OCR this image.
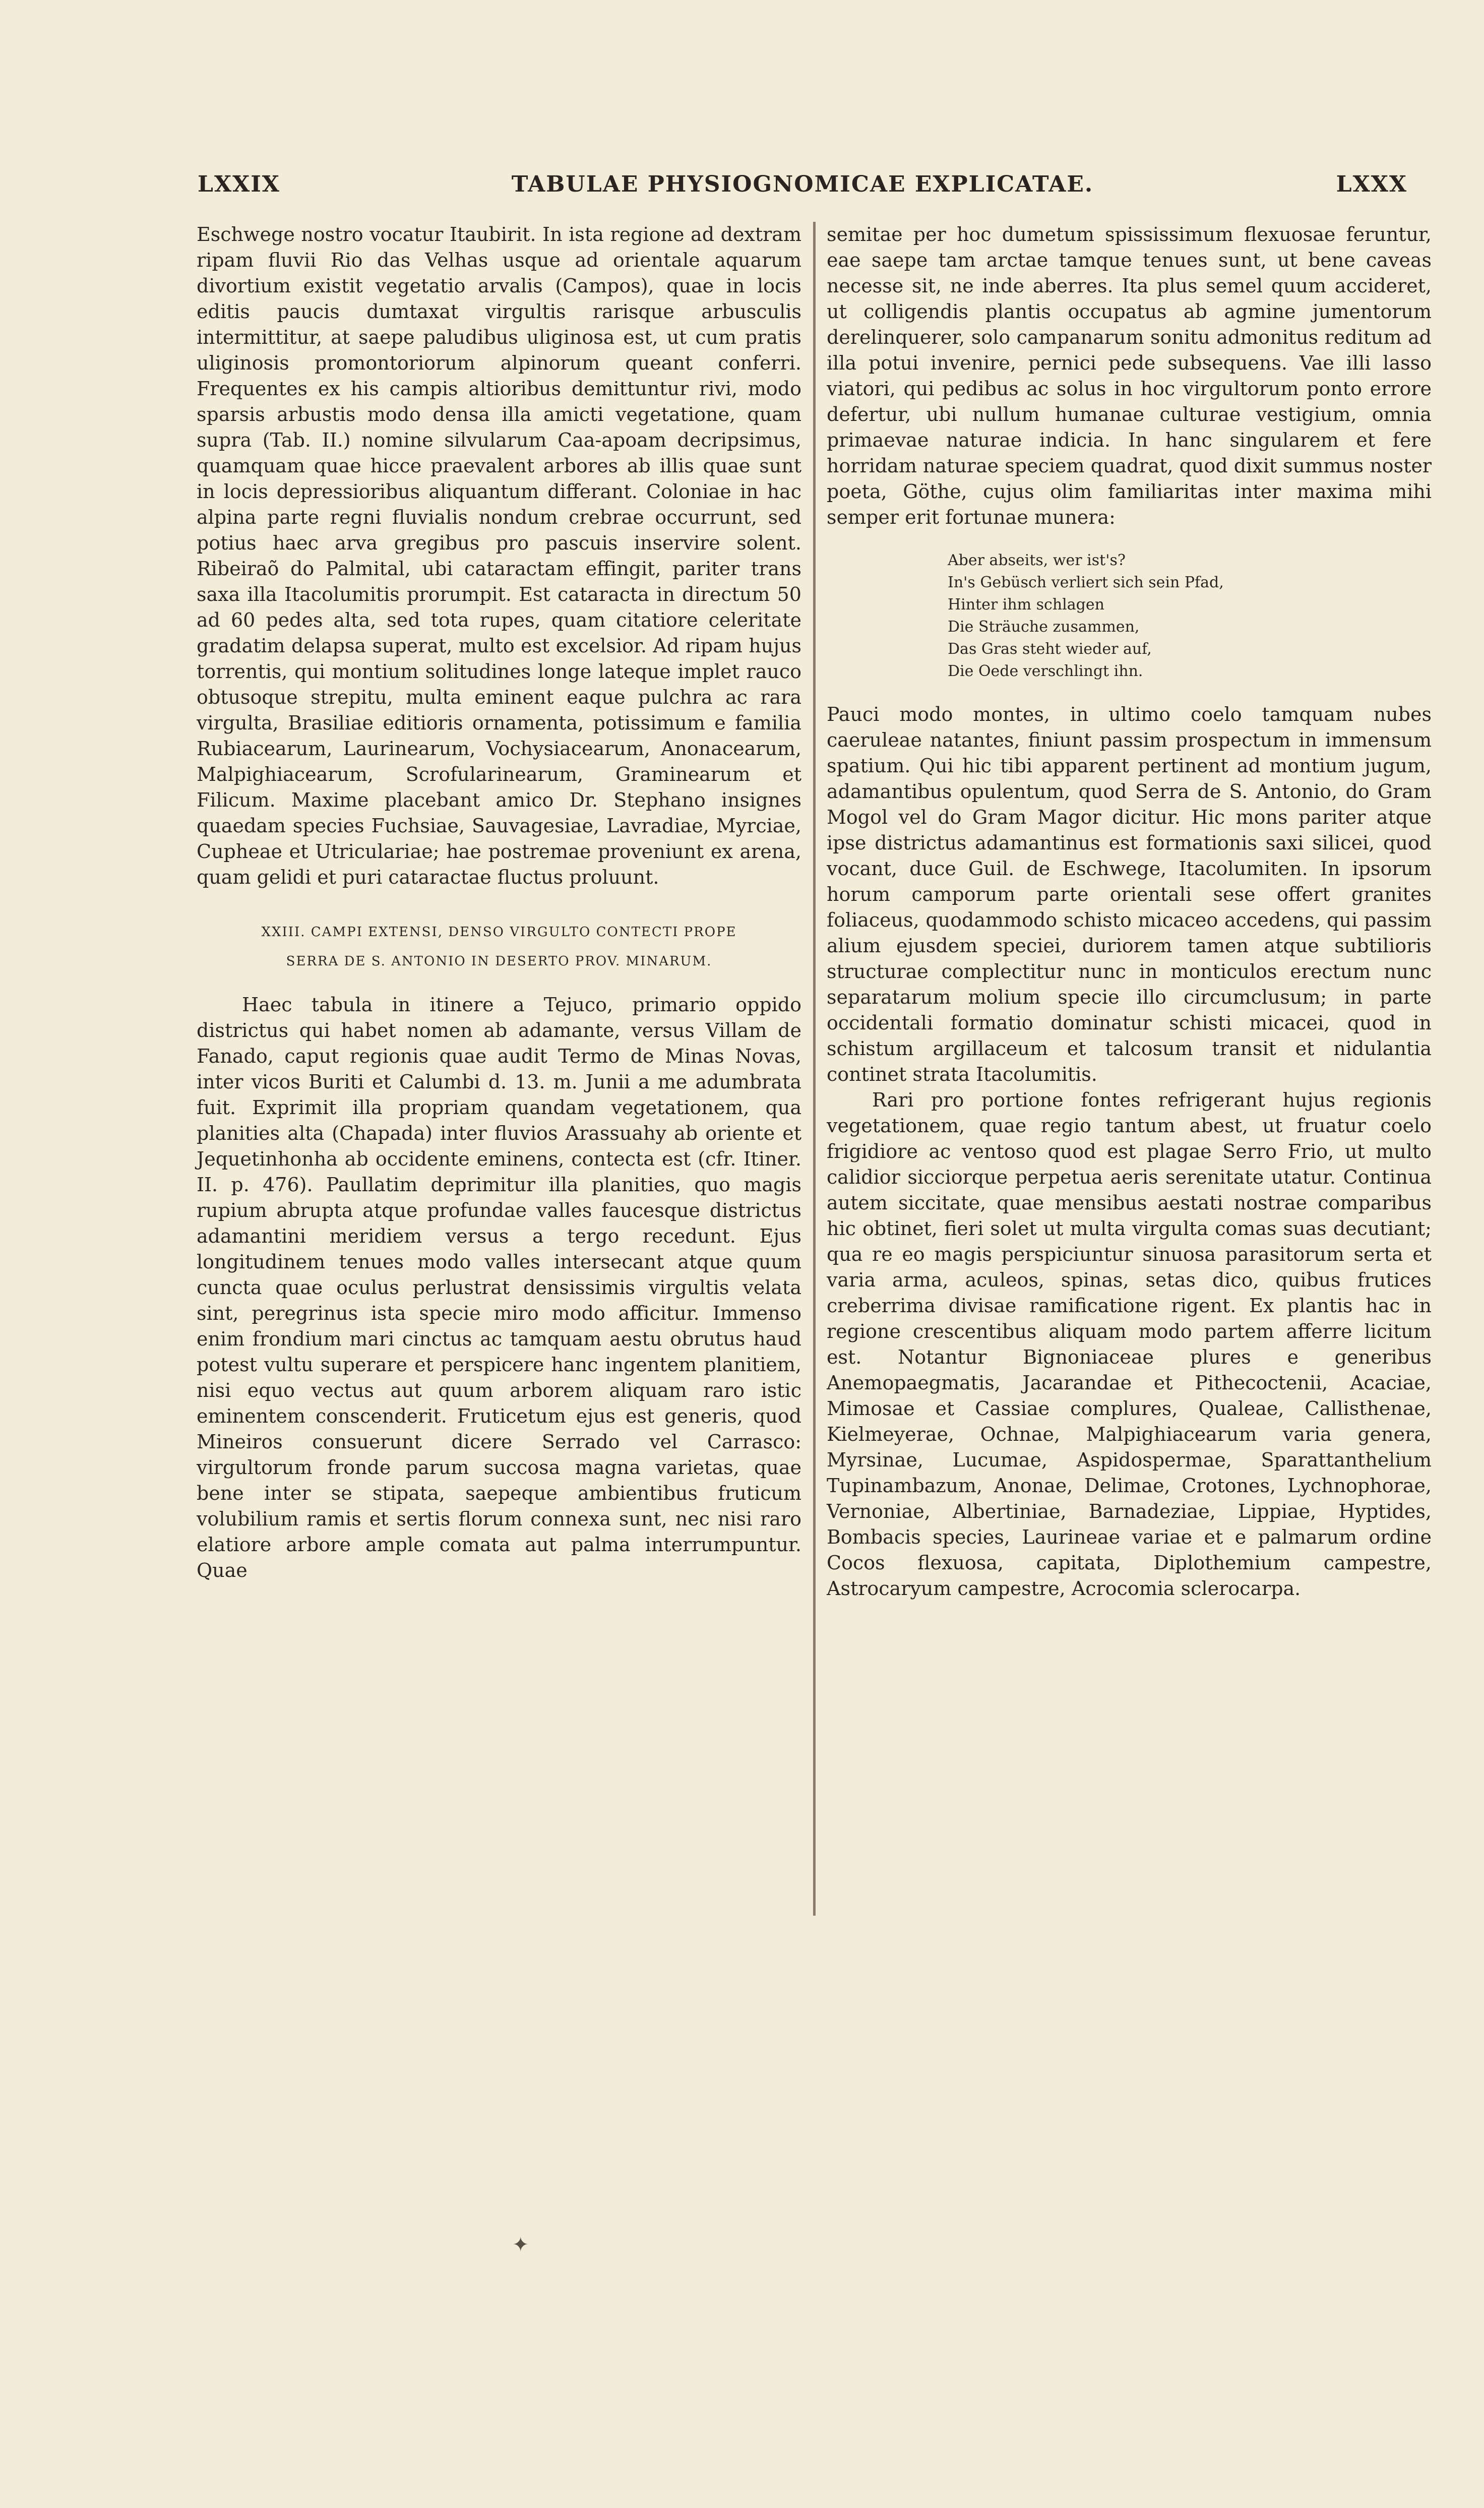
TABULAE PHYSIOGNOMICAE EXPLICATAE.
LXXIX	LXXX

Eschwege nostro vocatur Itaubirit. In ista regione ad dextram ripam fluvii Rio das Velhas usque ad orientale aquarum divortium existit vegetatio arvalis (Campos), quae in locis editis paucis dumtaxat virgultis rarisque arbusculis intermittitur, at saepe paludibus uliginosa est, ut cum pratis uliginosis promontoriorum alpinorum queant conferri. Frequentes ex his campis altioribus demittuntur rivi, modo sparsis arbustis modo densa illa amicti vegetatione, quam supra (Tab. II.) nomine silvularum Caa-apoam decripsimus, quamquam quae hicce praevalent arbores ab illis quae sunt in locis depressioribus aliquantum differant. Coloniae in hac alpina parte regni fluvialis nondum crebrae occurrunt, sed potius haec arva gregibus pro pascuis inservire solent. Ribeiraõ do Palmital, ubi cataractam effingit, pariter trans saxa illa Itacolumitis prorumpit. Est cataracta in directum 50 ad 60 pedes alta, sed tota rupes, quam citatiore celeritate gradatim delapsa superat, multo est excelsior. Ad ripam hujus torrentis, qui montium solitudines longe lateque implet rauco obtusoque strepitu, multa eminent eaque pulchra ac rara virgulta, Brasiliae editioris ornamenta, potissimum e familia Rubiacearum, Laurinearum, Vochysiacearum, Anonacearum, Malpighiacearum, Scrofularinearum, Graminearum et Filicum. Maxime placebant amico Dr. Stephano insignes quaedam species Fuchsiae, Sauvagesiae, Lavradiae, Myrciae, Cupheae et Utriculariae; hae postremae proveniunt ex arena, quam gelidi et puri cataractae fluctus proluunt.

XXIII. CAMPI EXTENSI, DENSO VIRGULTO CONTECTI PROPE
SERRA DE S. ANTONIO IN DESERTO PROV. MINARUM.

Haec tabula in itinere a Tejuco, primario oppido districtus qui habet nomen ab adamante, versus Villam de Fanado, caput regionis quae audit Termo de Minas Novas, inter vicos Buriti et Calumbi d. 13. m. Junii a me adumbrata fuit. Exprimit illa propriam quandam vegetationem, qua planities alta (Chapada) inter fluvios Arassuahy ab oriente et Jequetinhonha ab occidente eminens, contecta est (cfr. Itiner. II. p. 476). Paullatim deprimitur illa planities, quo magis rupium abrupta atque profundae valles faucesque districtus adamantini meridiem versus a tergo recedunt. Ejus longitudinem tenues modo valles intersecant atque quum cuncta quae oculus perlustrat densissimis virgultis velata sint, peregrinus ista specie miro modo afficitur. Immenso enim frondium mari cinctus ac tamquam aestu obrutus haud potest vultu superare et perspicere hanc ingentem planitiem, nisi equo vectus aut quum arborem aliquam raro istic eminentem conscenderit. Fruticetum ejus est generis, quod Mineiros consuerunt dicere Serrado vel Carrasco: virgultorum fronde parum succosa magna varietas, quae bene inter se stipata, saepeque ambientibus fruticum volubilium ramis et sertis florum connexa sunt, nec nisi raro elatiore arbore ample comata aut palma interrumpuntur. Quae

semitae per hoc dumetum spississimum flexuosae feruntur, eae saepe tam arctae tamque tenues sunt, ut bene caveas necesse sit, ne inde aberres. Ita plus semel quum accideret, ut colligendis plantis occupatus ab agmine jumentorum derelinquerer, solo campanarum sonitu admonitus reditum ad illa potui invenire, pernici pede subsequens. Vae illi lasso viatori, qui pedibus ac solus in hoc virgultorum ponto errore defertur, ubi nullum humanae culturae vestigium, omnia primaevae naturae indicia. In hanc singularem et fere horridam naturae speciem quadrat, quod dixit summus noster poeta, Göthe, cujus olim familiaritas inter maxima mihi semper erit fortunae munera:

Aber abseits, wer ist's?
In's Gebüsch verliert sich sein Pfad,
Hinter ihm schlagen
Die Sträuche zusammen,
Das Gras steht wieder auf,
Die Oede verschlingt ihn.

Pauci modo montes, in ultimo coelo tamquam nubes caeruleae natantes, finiunt passim prospectum in immensum spatium. Qui hic tibi apparent pertinent ad montium jugum, adamantibus opulentum, quod Serra de S. Antonio, do Gram Mogol vel do Gram Magor dicitur. Hic mons pariter atque ipse districtus adamantinus est formationis saxi silicei, quod vocant, duce Guil. de Eschwege, Itacolumiten. In ipsorum horum camporum parte orientali sese offert granites foliaceus, quodammodo schisto micaceo accedens, qui passim alium ejusdem speciei, duriorem tamen atque subtilioris structurae complectitur nunc in monticulos erectum nunc separatarum molium specie illo circumclusum; in parte occidentali formatio dominatur schisti micacei, quod in schistum argillaceum et talcosum transit et nidulantia continet strata Itacolumitis.

Rari pro portione fontes refrigerant hujus regionis vegetationem, quae regio tantum abest, ut fruatur coelo frigidiore ac ventoso quod est plagae Serro Frio, ut multo calidior sicciorque perpetua aeris serenitate utatur. Continua autem siccitate, quae mensibus aestati nostrae comparibus hic obtinet, fieri solet ut multa virgulta comas suas decutiant; qua re eo magis perspiciuntur sinuosa parasitorum serta et varia arma, aculeos, spinas, setas dico, quibus frutices creberrima divisae ramificatione rigent. Ex plantis hac in regione crescentibus aliquam modo partem afferre licitum est. Notantur Bignoniaceae plures e generibus Anemopaegmatis, Jacarandae et Pithecoctenii, Acaciae, Mimosae et Cassiae complures, Qualeae, Callisthenae, Kielmeyerae, Ochnae, Malpighiacearum varia genera, Myrsinae, Lucumae, Aspidospermae, Sparattanthelium Tupinambazum, Anonae, Delimae, Crotones, Lychnophorae, Vernoniae, Albertiniae, Barnadeziae, Lippiae, Hyptides, Bombacis species, Laurineae variae et e palmarum ordine Cocos flexuosa, capitata, Diplothemium campestre, Astrocaryum campestre, Acrocomia sclerocarpa.

✦
